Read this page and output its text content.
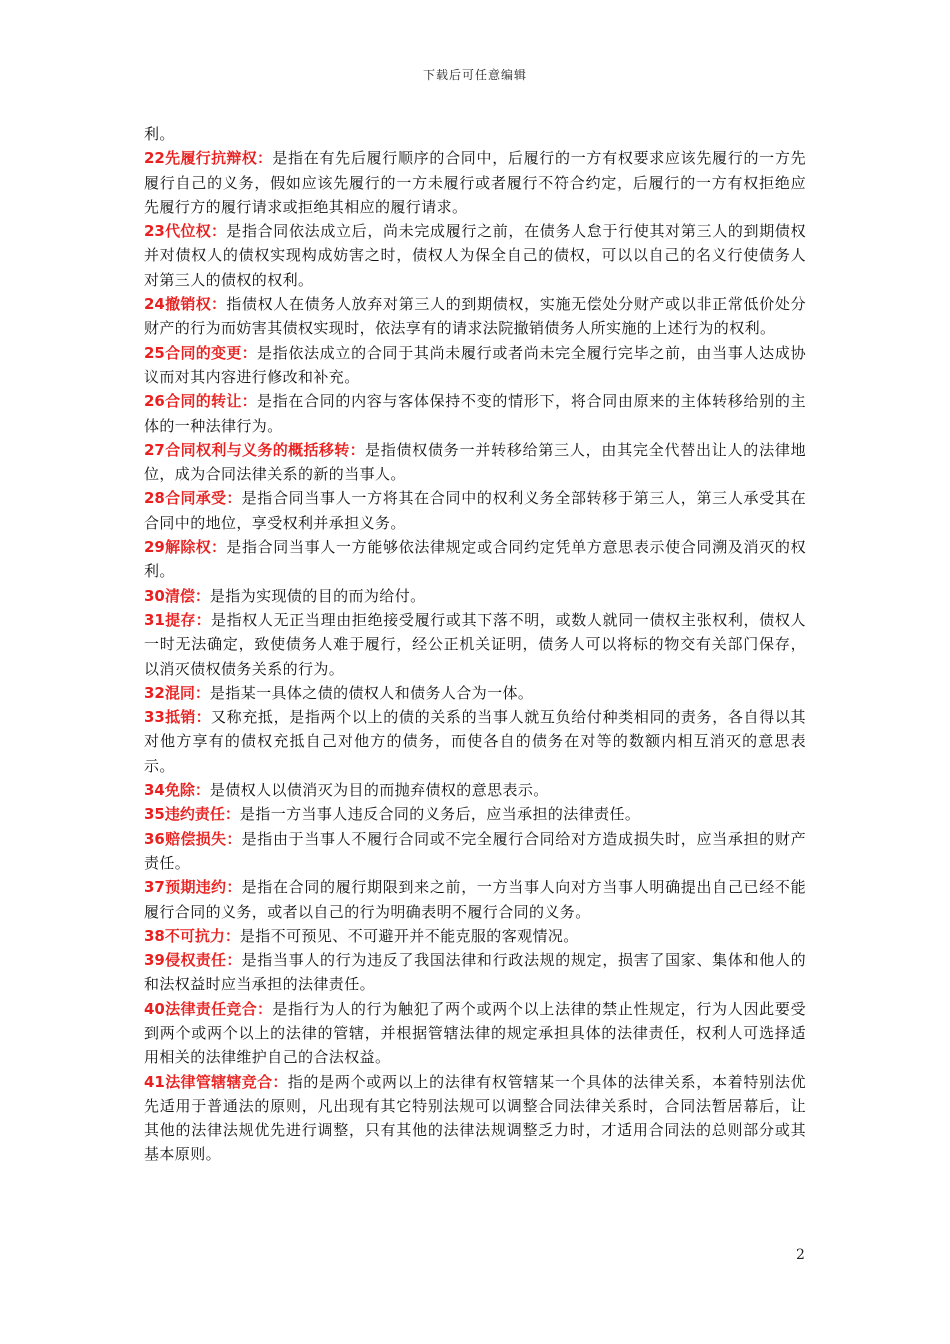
下载后可任意编辑

利。

22先履行抗辩权：是指在有先后履行顺序的合同中，后履行的一方有权要求应该先履行的一方先履行自己的义务，假如应该先履行的一方未履行或者履行不符合约定，后履行的一方有权拒绝应先履行方的履行请求或拒绝其相应的履行请求。

23代位权：是指合同依法成立后，尚未完成履行之前，在债务人怠于行使其对第三人的到期债权并对债权人的债权实现构成妨害之时，债权人为保全自己的债权，可以以自己的名义行使债务人对第三人的债权的权利。

24撤销权：指债权人在债务人放弃对第三人的到期债权，实施无偿处分财产或以非正常低价处分财产的行为而妨害其债权实现时，依法享有的请求法院撤销债务人所实施的上述行为的权利。

25合同的变更：是指依法成立的合同于其尚未履行或者尚未完全履行完毕之前，由当事人达成协议而对其内容进行修改和补充。

26合同的转让：是指在合同的内容与客体保持不变的情形下，将合同由原来的主体转移给别的主体的一种法律行为。

27合同权利与义务的概括移转：是指债权债务一并转移给第三人，由其完全代替出让人的法律地位，成为合同法律关系的新的当事人。

28合同承受：是指合同当事人一方将其在合同中的权利义务全部转移于第三人，第三人承受其在合同中的地位，享受权利并承担义务。

29解除权：是指合同当事人一方能够依法律规定或合同约定凭单方意思表示使合同溯及消灭的权利。

30清偿：是指为实现债的目的而为给付。

31提存：是指权人无正当理由拒绝接受履行或其下落不明，或数人就同一债权主张权利，债权人一时无法确定，致使债务人难于履行，经公正机关证明，债务人可以将标的物交有关部门保存，以消灭债权债务关系的行为。

32混同：是指某一具体之债的债权人和债务人合为一体。

33抵销：又称充抵，是指两个以上的债的关系的当事人就互负给付种类相同的责务，各自得以其对他方享有的债权充抵自己对他方的债务，而使各自的债务在对等的数额内相互消灭的意思表示。

34免除：是债权人以债消灭为目的而抛弃债权的意思表示。

35违约责任：是指一方当事人违反合同的义务后，应当承担的法律责任。

36赔偿损失：是指由于当事人不履行合同或不完全履行合同给对方造成损失时，应当承担的财产责任。

37预期违约：是指在合同的履行期限到来之前，一方当事人向对方当事人明确提出自己已经不能履行合同的义务，或者以自己的行为明确表明不履行合同的义务。

38不可抗力：是指不可预见、不可避开并不能克服的客观情况。

39侵权责任：是指当事人的行为违反了我国法律和行政法规的规定，损害了国家、集体和他人的和法权益时应当承担的法律责任。

40法律责任竞合：是指行为人的行为触犯了两个或两个以上法律的禁止性规定，行为人因此要受到两个或两个以上的法律的管辖，并根据管辖法律的规定承担具体的法律责任，权利人可选择适用相关的法律维护自己的合法权益。

41法律管辖辖竞合：指的是两个或两以上的法律有权管辖某一个具体的法律关系，本着特别法优先适用于普通法的原则，凡出现有其它特别法规可以调整合同法律关系时，合同法暂居幕后，让其他的法律法规优先进行调整，只有其他的法律法规调整乏力时，才适用合同法的总则部分或其基本原则。

2
